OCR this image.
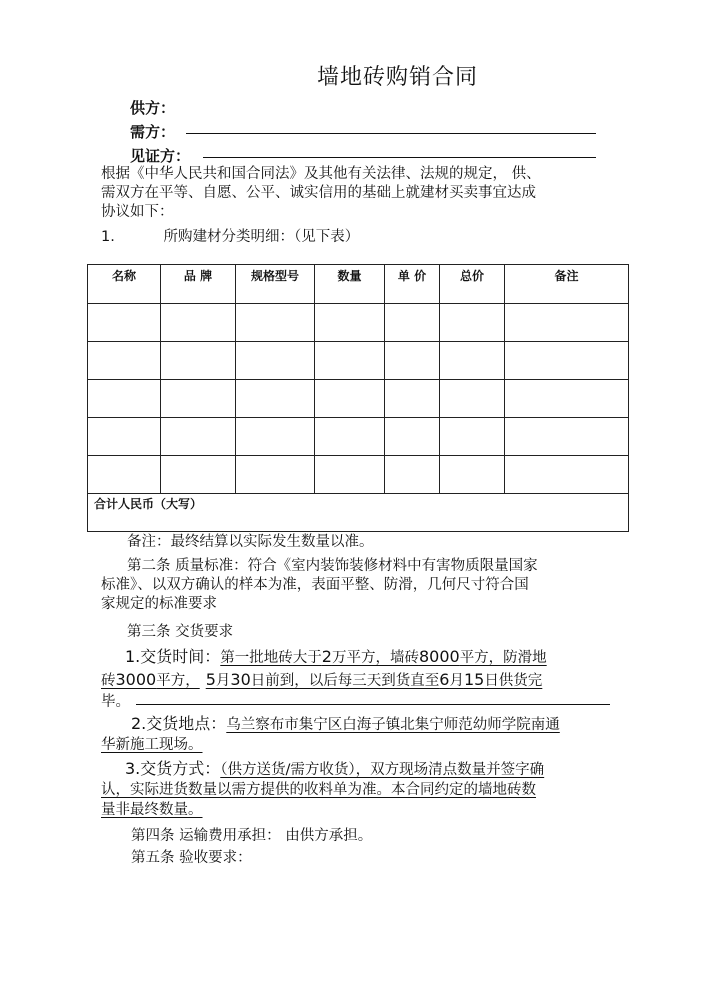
墙地砖购销合同
供方：
需方：
见证方：
根据《中华人民共和国合同法》及其他有关法律、法规的规定， 供、
需双方在平等、自愿、公平、诚实信用的基础上就建材买卖事宜达成
协议如下：
1.	所购建材分类明细：（见下表）
名称	品 牌	规格型号	数量	单 价	总价	备注

合计人民币（大写）						
备注：最终结算以实际发生数量以准。
第二条 质量标准：符合《室内装饰装修材料中有害物质限量国家
标准》、以双方确认的样本为准，表面平整、防滑，几何尺寸符合国
家规定的标准要求
第三条 交货要求
1.交货时间：第一批地砖大于2万平方，墙砖8000平方，防滑地
砖3000平方， 5月30日前到，以后每三天到货直至6月15日供货完
毕。
2.交货地点：乌兰察布市集宁区白海子镇北集宁师范幼师学院南通
华新施工现场。
3.交货方式：（供方送货/需方收货），双方现场清点数量并签字确
认，实际进货数量以需方提供的收料单为准。本合同约定的墙地砖数
量非最终数量。
第四条 运输费用承担： 由供方承担。
第五条 验收要求：
